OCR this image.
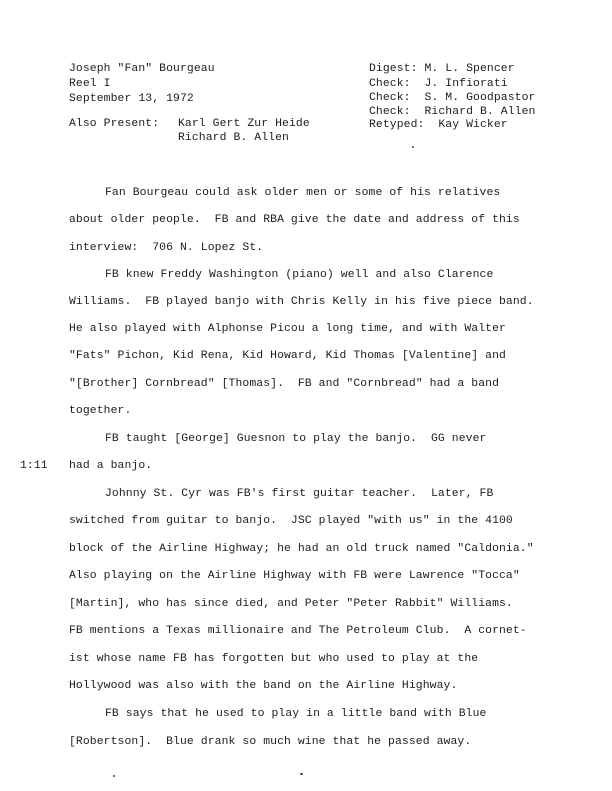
Joseph "Fan" Bourgeau
Reel I
September 13, 1972
Also Present: Karl Gert Zur Heide
Richard B. Allen
Digest: M. L. Spencer
Check:  J. Infiorati
Check:  S. M. Goodpastor
Check:  Richard B. Allen
Retyped:  Kay Wicker
1:11
Fan Bourgeau could ask older men or some of his relatives
about older people.  FB and RBA give the date and address of this
interview:  706 N. Lopez St.
FB knew Freddy Washington (piano) well and also Clarence
Williams.  FB played banjo with Chris Kelly in his five piece band.
He also played with Alphonse Picou a long time, and with Walter
"Fats" Pichon, Kid Rena, Kid Howard, Kid Thomas [Valentine] and
"[Brother] Cornbread" [Thomas].  FB and "Cornbread" had a band
together.
FB taught [George] Guesnon to play the banjo.  GG never
had a banjo.
Johnny St. Cyr was FB's first guitar teacher.  Later, FB
switched from guitar to banjo.  JSC played "with us" in the 4100
block of the Airline Highway; he had an old truck named "Caldonia."
Also playing on the Airline Highway with FB were Lawrence "Tocca"
[Martin], who has since died, and Peter "Peter Rabbit" Williams.
FB mentions a Texas millionaire and The Petroleum Club.  A cornet-
ist whose name FB has forgotten but who used to play at the
Hollywood was also with the band on the Airline Highway.
FB says that he used to play in a little band with Blue
[Robertson].  Blue drank so much wine that he passed away.
